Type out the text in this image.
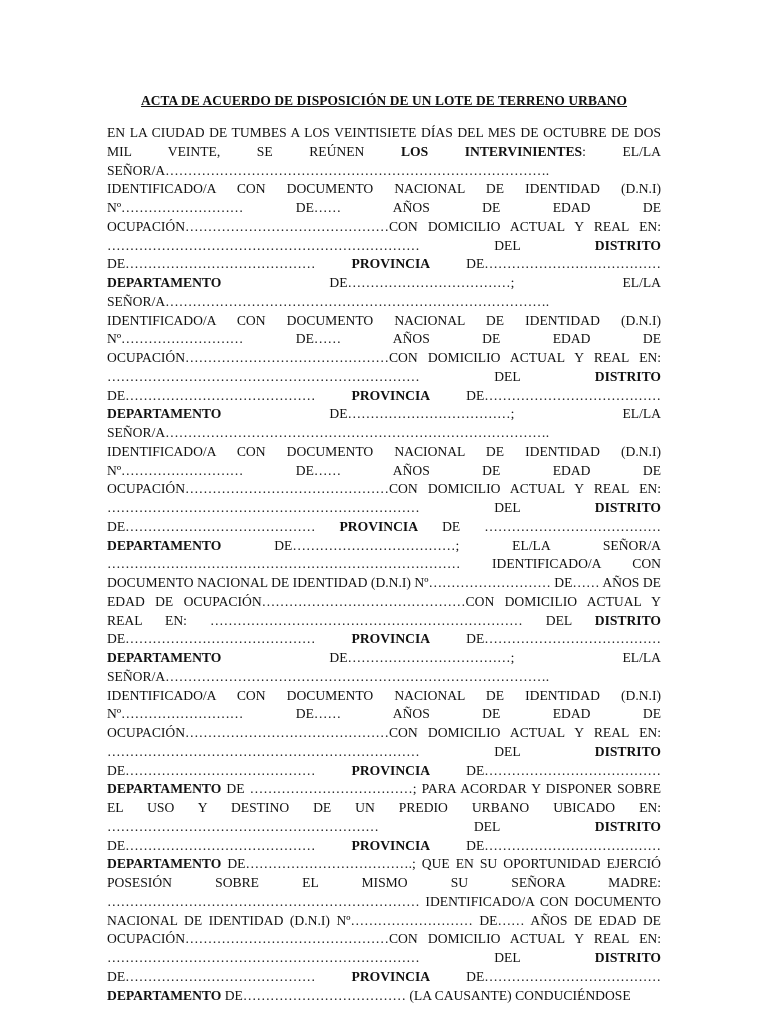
ACTA DE ACUERDO DE DISPOSICIÓN DE UN LOTE DE TERRENO URBANO

EN LA CIUDAD DE TUMBES A LOS VEINTISIETE DÍAS DEL MES DE OCTUBRE DE DOS MIL VEINTE, SE REÚNEN LOS INTERVINIENTES: EL/LA SEÑOR/A…………………………………………………………………………. IDENTIFICADO/A CON DOCUMENTO NACIONAL DE IDENTIDAD (D.N.I) Nº……………………… DE…… AÑOS DE EDAD DE OCUPACIÓN………………………………………CON DOMICILIO ACTUAL Y REAL EN: …………………………………………………………… DEL DISTRITO DE…………………………………… PROVINCIA DE………………………………… DEPARTAMENTO DE………………………………; EL/LA SEÑOR/A…………………………………………………………………………. IDENTIFICADO/A CON DOCUMENTO NACIONAL DE IDENTIDAD (D.N.I) Nº……………………… DE…… AÑOS DE EDAD DE OCUPACIÓN………………………………………CON DOMICILIO ACTUAL Y REAL EN: …………………………………………………………… DEL DISTRITO DE…………………………………… PROVINCIA DE………………………………… DEPARTAMENTO DE………………………………; EL/LA SEÑOR/A…………………………………………………………………………. IDENTIFICADO/A CON DOCUMENTO NACIONAL DE IDENTIDAD (D.N.I) Nº……………………… DE…… AÑOS DE EDAD DE OCUPACIÓN………………………………………CON DOMICILIO ACTUAL Y REAL EN: …………………………………………………………… DEL DISTRITO DE…………………………………… PROVINCIA DE ………………………………… DEPARTAMENTO DE………………………………; EL/LA SEÑOR/A …………………………………………………………………… IDENTIFICADO/A CON DOCUMENTO NACIONAL DE IDENTIDAD (D.N.I) Nº……………………… DE…… AÑOS DE EDAD DE OCUPACIÓN………………………………………CON DOMICILIO ACTUAL Y REAL EN: …………………………………………………………… DEL DISTRITO DE…………………………………… PROVINCIA DE………………………………… DEPARTAMENTO DE………………………………; EL/LA SEÑOR/A…………………………………………………………………………. IDENTIFICADO/A CON DOCUMENTO NACIONAL DE IDENTIDAD (D.N.I) Nº……………………… DE…… AÑOS DE EDAD DE OCUPACIÓN………………………………………CON DOMICILIO ACTUAL Y REAL EN: …………………………………………………………… DEL DISTRITO DE…………………………………… PROVINCIA DE………………………………… DEPARTAMENTO DE ………………………………; PARA ACORDAR Y DISPONER SOBRE EL USO Y DESTINO DE UN PREDIO URBANO UBICADO EN: …………………………………………………… DEL DISTRITO DE…………………………………… PROVINCIA DE………………………………… DEPARTAMENTO DE……………………………….; QUE EN SU OPORTUNIDAD EJERCIÓ POSESIÓN SOBRE EL MISMO SU SEÑORA MADRE: …………………………………………………………… IDENTIFICADO/A CON DOCUMENTO NACIONAL DE IDENTIDAD (D.N.I) Nº……………………… DE…… AÑOS DE EDAD DE OCUPACIÓN………………………………………CON DOMICILIO ACTUAL Y REAL EN: …………………………………………………………… DEL DISTRITO DE…………………………………… PROVINCIA DE………………………………… DEPARTAMENTO DE……………………………… (LA CAUSANTE) CONDUCIÉNDOSE
